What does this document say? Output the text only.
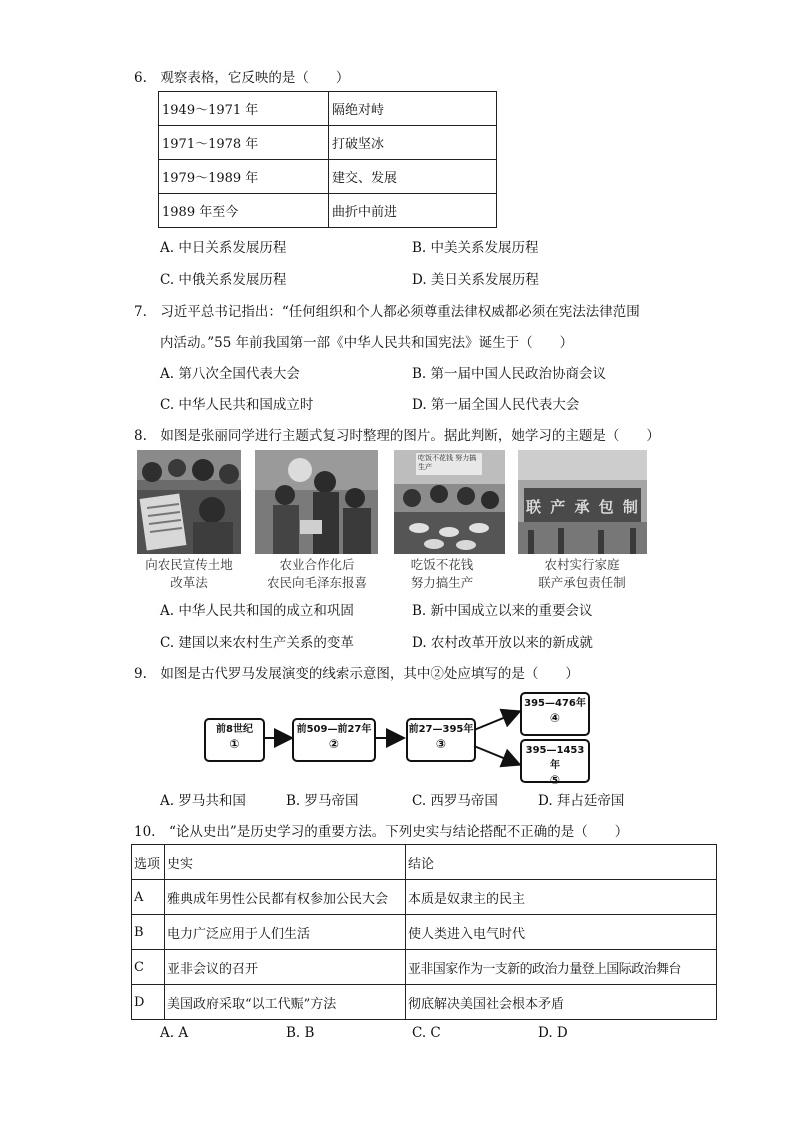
6.　观察表格，它反映的是（　　）
1949～1971 年	隔绝对峙
1971～1978 年	打破坚冰
1979～1989 年	建交、发展
1989 年至今	曲折中前进
A. 中日关系发展历程	B. 中美关系发展历程
C. 中俄关系发展历程	D. 美日关系发展历程
7.　习近平总书记指出：“任何组织和个人都必须尊重法律权威都必须在宪法法律范围
内活动。”55 年前我国第一部《中华人民共和国宪法》诞生于（　　）
A. 第八次全国代表大会	B. 第一届中国人民政治协商会议
C. 中华人民共和国成立时	D. 第一届全国人民代表大会
8.　如图是张丽同学进行主题式复习时整理的图片。据此判断，她学习的主题是（　　）
吃饭不花钱 努力搞生产
联 产 承 包 制
向农民宣传土地
改革法
农业合作化后
农民向毛泽东报喜
吃饭不花钱
努力搞生产
农村实行家庭
联产承包责任制
A. 中华人民共和国的成立和巩固	B. 新中国成立以来的重要会议
C. 建国以来农村生产关系的变革	D. 农村改革开放以来的新成就
9.　如图是古代罗马发展演变的线索示意图，其中②处应填写的是（　　）
前8世纪
①
前509—前27年
②
前27—395年
③
395—476年
④
395—1453年
⑤
A. 罗马共和国	B. 罗马帝国	C. 西罗马帝国	D. 拜占廷帝国
10.　“论从史出”是历史学习的重要方法。下列史实与结论搭配不正确的是（　　）
选项	史实	结论
A	雅典成年男性公民都有权参加公民大会	本质是奴隶主的民主
B	电力广泛应用于人们生活	使人类进入电气时代
C	亚非会议的召开	亚非国家作为一支新的政治力量登上国际政治舞台
D	美国政府采取“以工代赈”方法	彻底解决美国社会根本矛盾
A. A	B. B	C. C	D. D
